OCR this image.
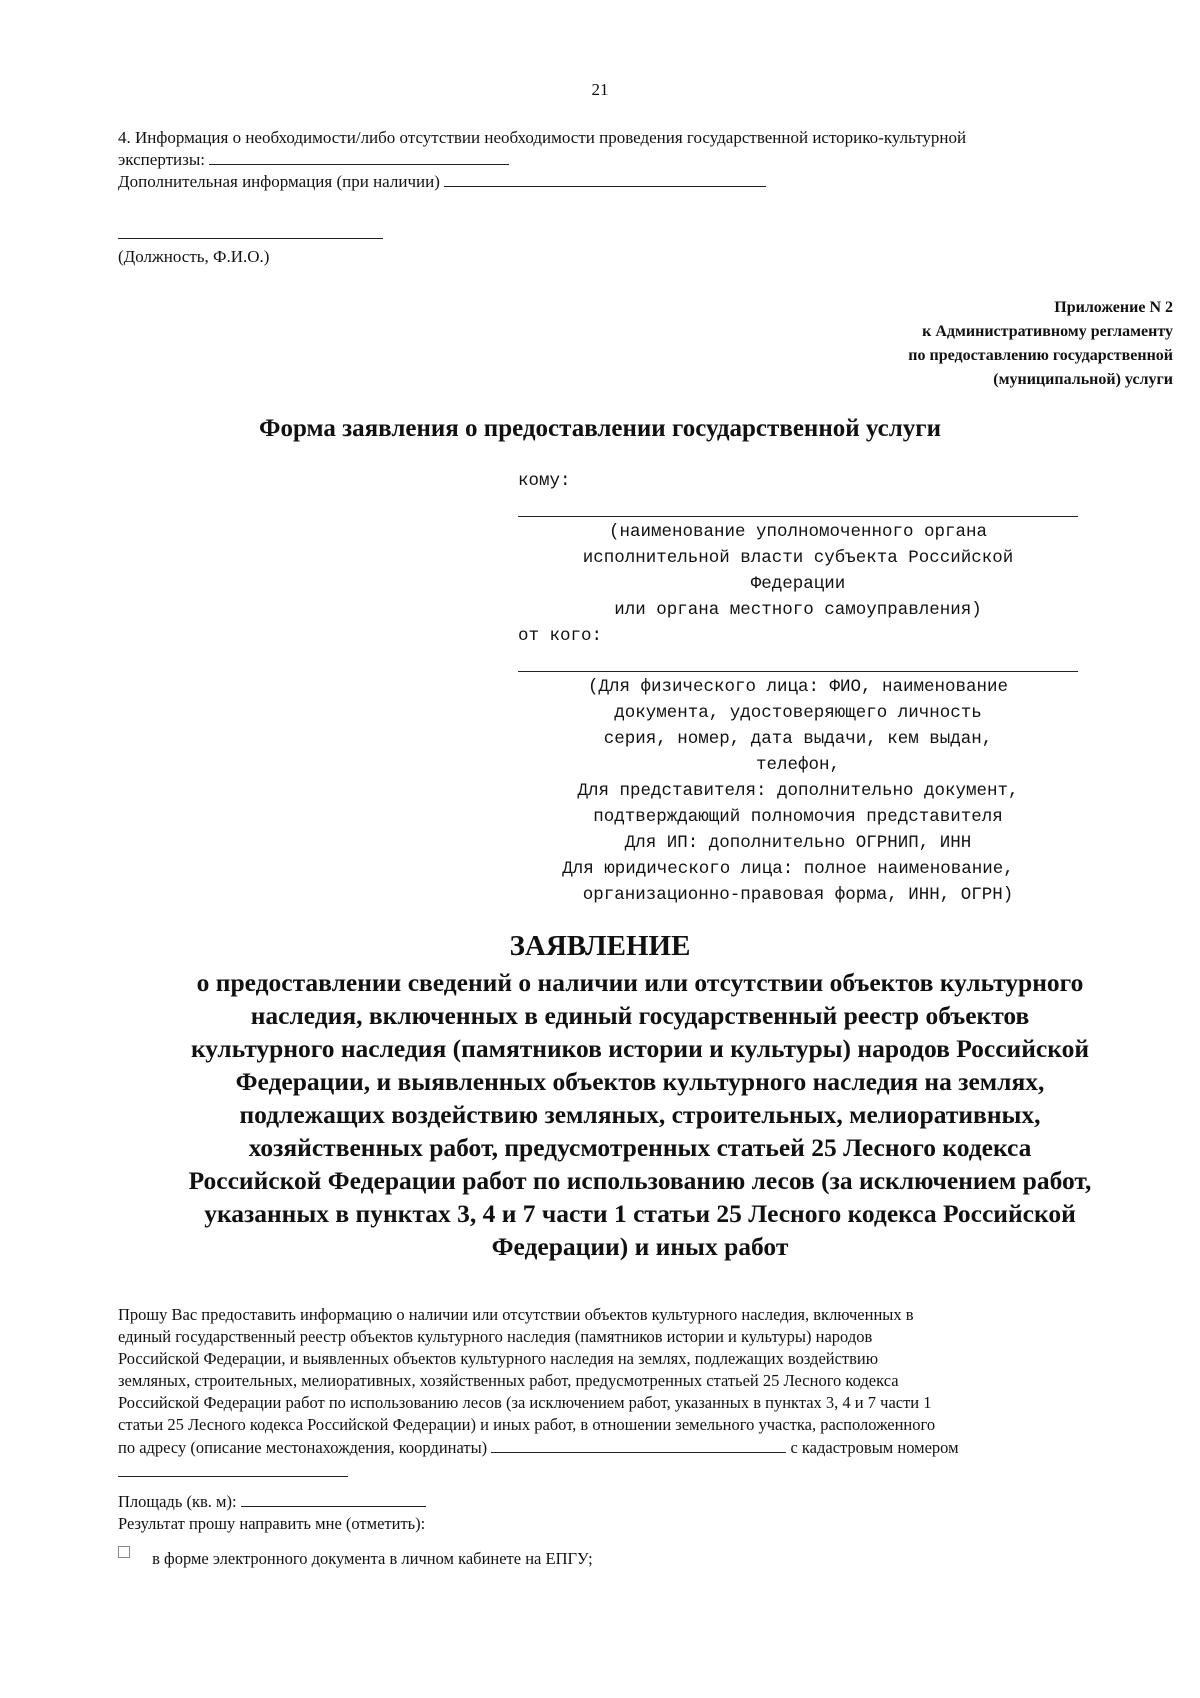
21
4. Информация о необходимости/либо отсутствии необходимости проведения государственной историко-культурной
экспертизы:
Дополнительная информация (при наличии)
(Должность, Ф.И.О.)
Приложение N 2
к Административному регламенту
по предоставлению государственной
(муниципальной) услуги
Форма заявления о предоставлении государственной услуги
кому:
(наименование уполномоченного органа
исполнительной власти субъекта Российской
Федерации
или органа местного самоуправления)
от кого:
(Для физического лица: ФИО, наименование
документа, удостоверяющего личность
серия, номер, дата выдачи, кем выдан,
телефон,
Для представителя: дополнительно документ,
подтверждающий полномочия представителя
Для ИП: дополнительно ОГРНИП, ИНН
Для юридического лица: полное наименование,
организационно-правовая форма, ИНН, ОГРН)
ЗАЯВЛЕНИЕ
о предоставлении сведений о наличии или отсутствии объектов культурного
наследия, включенных в единый государственный реестр объектов
культурного наследия (памятников истории и культуры) народов Российской
Федерации, и выявленных объектов культурного наследия на землях,
подлежащих воздействию земляных, строительных, мелиоративных,
хозяйственных работ, предусмотренных статьей 25 Лесного кодекса
Российской Федерации работ по использованию лесов (за исключением работ,
указанных в пунктах 3, 4 и 7 части 1 статьи 25 Лесного кодекса Российской
Федерации) и иных работ
Прошу Вас предоставить информацию о наличии или отсутствии объектов культурного наследия, включенных в
единый государственный реестр объектов культурного наследия (памятников истории и культуры) народов
Российской Федерации, и выявленных объектов культурного наследия на землях, подлежащих воздействию
земляных, строительных, мелиоративных, хозяйственных работ, предусмотренных статьей 25 Лесного кодекса
Российской Федерации работ по использованию лесов (за исключением работ, указанных в пунктах 3, 4 и 7 части 1
статьи 25 Лесного кодекса Российской Федерации) и иных работ, в отношении земельного участка, расположенного
по адресу (описание местонахождения, координаты)	с кадастровым номером
Площадь (кв. м):
Результат прошу направить мне (отметить):
в форме электронного документа в личном кабинете на ЕПГУ;
